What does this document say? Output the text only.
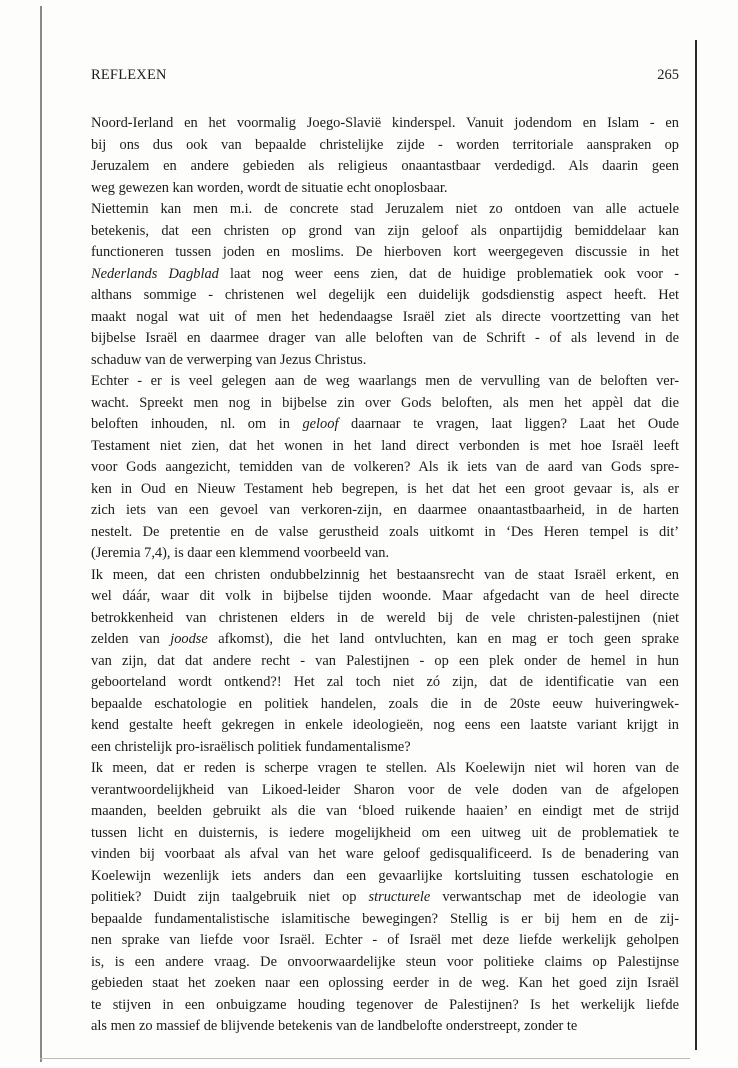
REFLEXEN	265
Noord-Ierland en het voormalig Joego-Slavië kinderspel. Vanuit jodendom en Islam - en
bij ons dus ook van bepaalde christelijke zijde - worden territoriale aanspraken op
Jeruzalem en andere gebieden als religieus onaantastbaar verdedigd. Als daarin geen
weg gewezen kan worden, wordt de situatie echt onoplosbaar.
Niettemin kan men m.i. de concrete stad Jeruzalem niet zo ontdoen van alle actuele
betekenis, dat een christen op grond van zijn geloof als onpartijdig bemiddelaar kan
functioneren tussen joden en moslims. De hierboven kort weergegeven discussie in het
Nederlands Dagblad laat nog weer eens zien, dat de huidige problematiek ook voor -
althans sommige - christenen wel degelijk een duidelijk godsdienstig aspect heeft. Het
maakt nogal wat uit of men het hedendaagse Israël ziet als directe voortzetting van het
bijbelse Israël en daarmee drager van alle beloften van de Schrift - of als levend in de
schaduw van de verwerping van Jezus Christus.
Echter - er is veel gelegen aan de weg waarlangs men de vervulling van de beloften ver-
wacht. Spreekt men nog in bijbelse zin over Gods beloften, als men het appèl dat die
beloften inhouden, nl. om in geloof daarnaar te vragen, laat liggen? Laat het Oude
Testament niet zien, dat het wonen in het land direct verbonden is met hoe Israël leeft
voor Gods aangezicht, temidden van de volkeren? Als ik iets van de aard van Gods spre-
ken in Oud en Nieuw Testament heb begrepen, is het dat het een groot gevaar is, als er
zich iets van een gevoel van verkoren-zijn, en daarmee onaantastbaarheid, in de harten
nestelt. De pretentie en de valse gerustheid zoals uitkomt in ‘Des Heren tempel is dit’
(Jeremia 7,4), is daar een klemmend voorbeeld van.
Ik meen, dat een christen ondubbelzinnig het bestaansrecht van de staat Israël erkent, en
wel dáár, waar dit volk in bijbelse tijden woonde. Maar afgedacht van de heel directe
betrokkenheid van christenen elders in de wereld bij de vele christen-palestijnen (niet
zelden van joodse afkomst), die het land ontvluchten, kan en mag er toch geen sprake
van zijn, dat dat andere recht - van Palestijnen - op een plek onder de hemel in hun
geboorteland wordt ontkend?! Het zal toch niet zó zijn, dat de identificatie van een
bepaalde eschatologie en politiek handelen, zoals die in de 20ste eeuw huiveringwek-
kend gestalte heeft gekregen in enkele ideologieën, nog eens een laatste variant krijgt in
een christelijk pro-israëlisch politiek fundamentalisme?
Ik meen, dat er reden is scherpe vragen te stellen. Als Koelewijn niet wil horen van de
verantwoordelijkheid van Likoed-leider Sharon voor de vele doden van de afgelopen
maanden, beelden gebruikt als die van ‘bloed ruikende haaien’ en eindigt met de strijd
tussen licht en duisternis, is iedere mogelijkheid om een uitweg uit de problematiek te
vinden bij voorbaat als afval van het ware geloof gedisqualificeerd. Is de benadering van
Koelewijn wezenlijk iets anders dan een gevaarlijke kortsluiting tussen eschatologie en
politiek? Duidt zijn taalgebruik niet op structurele verwantschap met de ideologie van
bepaalde fundamentalistische islamitische bewegingen? Stellig is er bij hem en de zij-
nen sprake van liefde voor Israël. Echter - of Israël met deze liefde werkelijk geholpen
is, is een andere vraag. De onvoorwaardelijke steun voor politieke claims op Palestijnse
gebieden staat het zoeken naar een oplossing eerder in de weg. Kan het goed zijn Israël
te stijven in een onbuigzame houding tegenover de Palestijnen? Is het werkelijk liefde
als men zo massief de blijvende betekenis van de landbelofte onderstreept, zonder te
